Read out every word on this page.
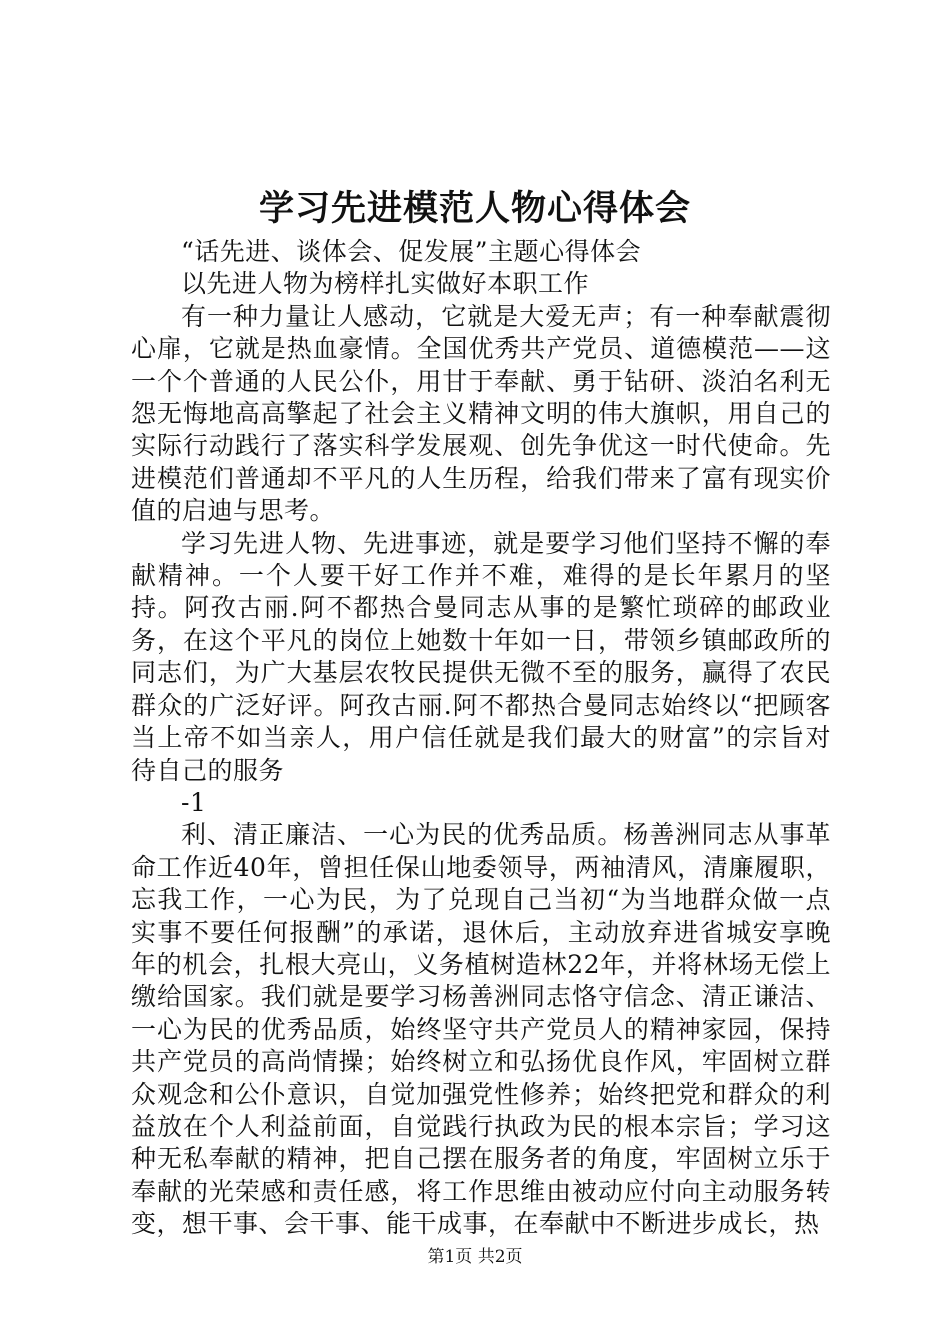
学习先进模范人物心得体会

“话先进、谈体会、促发展”主题心得体会

以先进人物为榜样扎实做好本职工作

有一种力量让人感动，它就是大爱无声；有一种奉献震彻心扉，它就是热血豪情。全国优秀共产党员、道德模范——这一个个普通的人民公仆，用甘于奉献、勇于钻研、淡泊名利无怨无悔地高高擎起了社会主义精神文明的伟大旗帜，用自己的实际行动践行了落实科学发展观、创先争优这一时代使命。先进模范们普通却不平凡的人生历程，给我们带来了富有现实价值的启迪与思考。

学习先进人物、先进事迹，就是要学习他们坚持不懈的奉献精神。一个人要干好工作并不难，难得的是长年累月的坚持。阿孜古丽.阿不都热合曼同志从事的是繁忙琐碎的邮政业务，在这个平凡的岗位上她数十年如一日，带领乡镇邮政所的同志们，为广大基层农牧民提供无微不至的服务，赢得了农民群众的广泛好评。阿孜古丽.阿不都热合曼同志始终以“把顾客当上帝不如当亲人，用户信任就是我们最大的财富”的宗旨对待自己的服务

-1

利、清正廉洁、一心为民的优秀品质。杨善洲同志从事革命工作近40年，曾担任保山地委领导，两袖清风，清廉履职，忘我工作，一心为民，为了兑现自己当初“为当地群众做一点实事不要任何报酬”的承诺，退休后，主动放弃进省城安享晚年的机会，扎根大亮山，义务植树造林22年，并将林场无偿上缴给国家。我们就是要学习杨善洲同志恪守信念、清正谦洁、一心为民的优秀品质，始终坚守共产党员人的精神家园，保持共产党员的高尚情操；始终树立和弘扬优良作风，牢固树立群众观念和公仆意识，自觉加强党性修养；始终把党和群众的利益放在个人利益前面，自觉践行执政为民的根本宗旨；学习这种无私奉献的精神，把自己摆在服务者的角度，牢固树立乐于奉献的光荣感和责任感，将工作思维由被动应付向主动服务转变，想干事、会干事、能干成事，在奉献中不断进步成长，热

第1页 共2页
